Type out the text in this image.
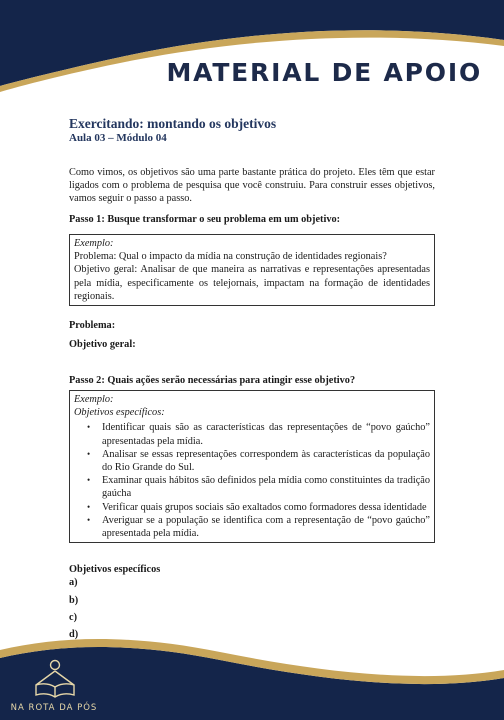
MATERIAL DE APOIO
Exercitando: montando os objetivos
Aula 03 – Módulo 04
Como vimos, os objetivos são uma parte bastante prática do projeto. Eles têm que estar ligados com o problema de pesquisa que você construiu. Para construir esses objetivos, vamos seguir o passo a passo.
Passo 1: Busque transformar o seu problema em um objetivo:
Exemplo:
Problema: Qual o impacto da mídia na construção de identidades regionais?
Objetivo geral: Analisar de que maneira as narrativas e representações apresentadas pela mídia, especificamente os telejornais, impactam na formação de identidades regionais.
Problema:
Objetivo geral:
Passo 2: Quais ações serão necessárias para atingir esse objetivo?
Exemplo:
Objetivos específicos:
• Identificar quais são as características das representações de “povo gaúcho” apresentadas pela mídia.
• Analisar se essas representações correspondem às características da população do Rio Grande do Sul.
• Examinar quais hábitos são definidos pela mídia como constituintes da tradição gaúcha
• Verificar quais grupos sociais são exaltados como formadores dessa identidade
• Averiguar se a população se identifica com a representação de “povo gaúcho” apresentada pela mídia.
Objetivos específicos
a)
b)
c)
d)
NA ROTA DA PÓS
